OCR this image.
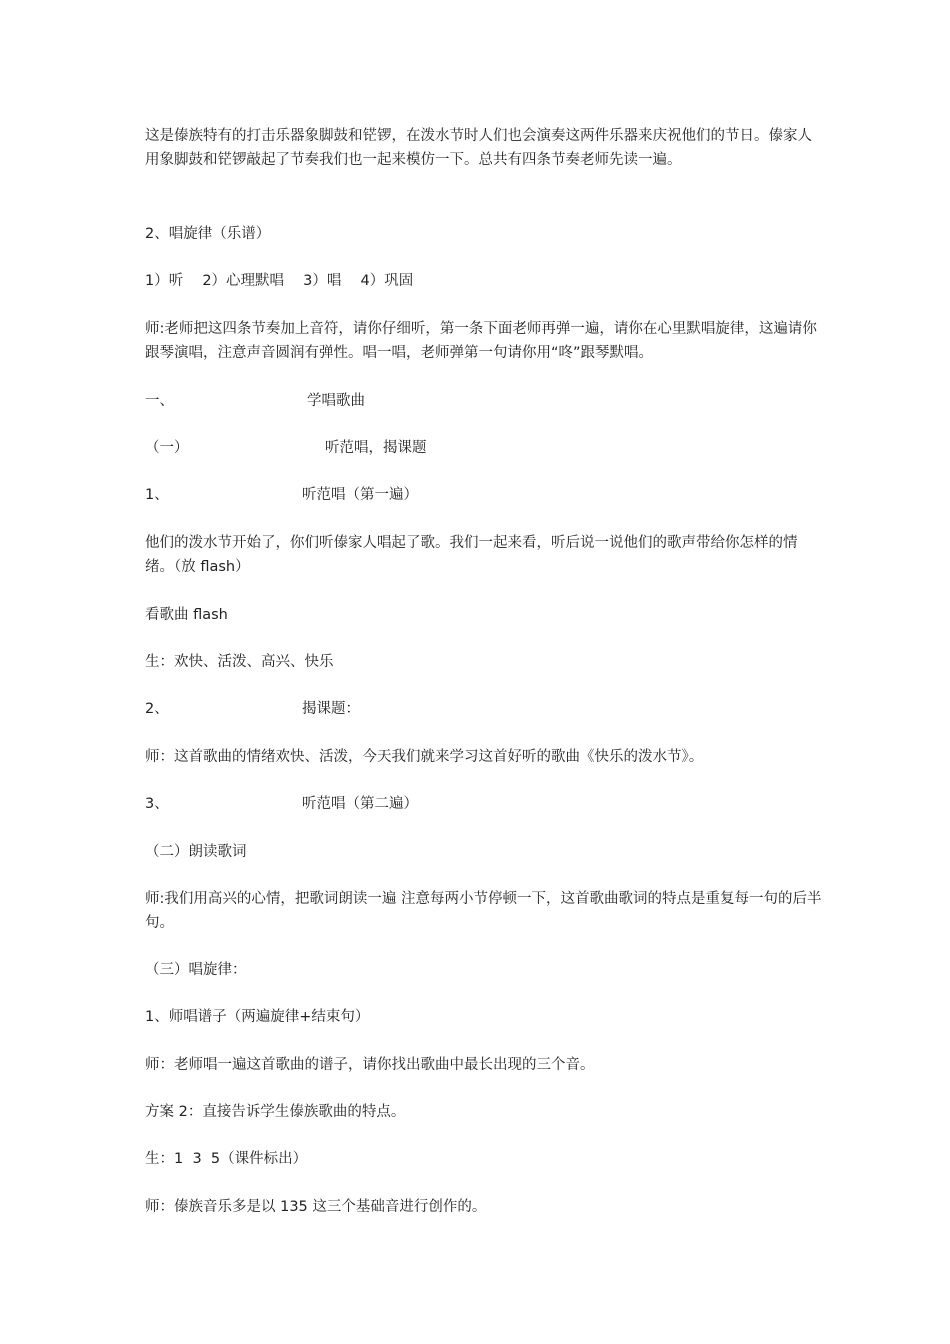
这是傣族特有的打击乐器象脚鼓和铓锣，在泼水节时人们也会演奏这两件乐器来庆祝他们的节日。傣家人用象脚鼓和铓锣敲起了节奏我们也一起来模仿一下。总共有四条节奏老师先读一遍。

2、唱旋律（乐谱）

1）听　 2）心理默唱　 3）唱　 4）巩固

师:老师把这四条节奏加上音符，请你仔细听，第一条下面老师再弹一遍，请你在心里默唱旋律，这遍请你跟琴演唱，注意声音圆润有弹性。唱一唱，老师弹第一句请你用“咚”跟琴默唱。

一、	学唱歌曲

（一）	听范唱，揭课题

1、	听范唱（第一遍）

他们的泼水节开始了，你们听傣家人唱起了歌。我们一起来看，听后说一说他们的歌声带给你怎样的情绪。（放 flash）

看歌曲 flash

生：欢快、活泼、高兴、快乐

2、	揭课题：

师：这首歌曲的情绪欢快、活泼，今天我们就来学习这首好听的歌曲《快乐的泼水节》。

3、	听范唱（第二遍）

（二）朗读歌词

师:我们用高兴的心情，把歌词朗读一遍 注意每两小节停顿一下，这首歌曲歌词的特点是重复每一句的后半句。

（三）唱旋律：

1、师唱谱子（两遍旋律+结束句）

师：老师唱一遍这首歌曲的谱子，请你找出歌曲中最长出现的三个音。

方案 2：直接告诉学生傣族歌曲的特点。

生：1  3  5（课件标出）

师：傣族音乐多是以 135 这三个基础音进行创作的。
